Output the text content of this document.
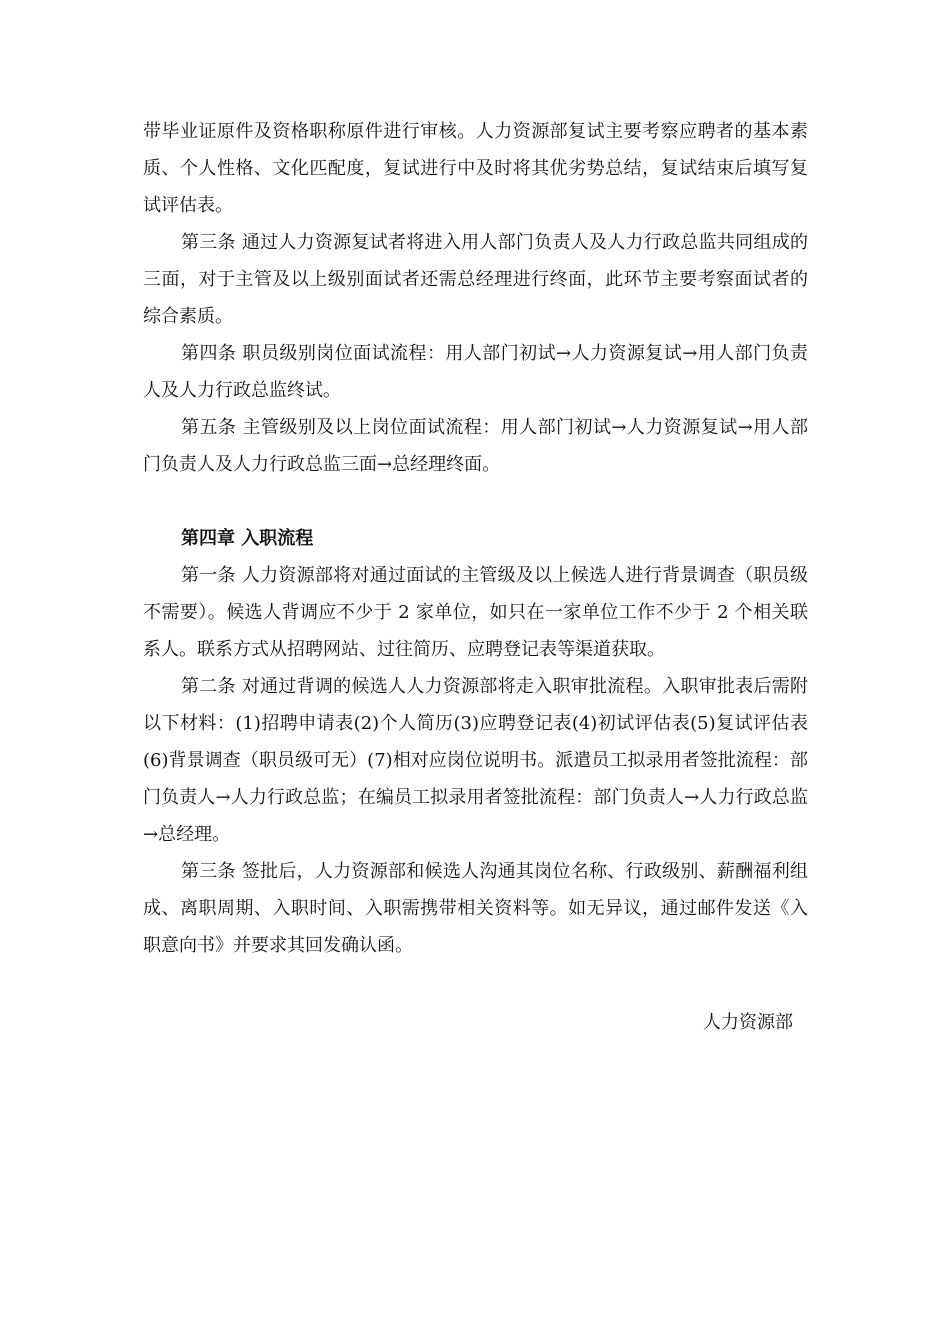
带毕业证原件及资格职称原件进行审核。人力资源部复试主要考察应聘者的基本素质、个人性格、文化匹配度，复试进行中及时将其优劣势总结，复试结束后填写复试评估表。

第三条 通过人力资源复试者将进入用人部门负责人及人力行政总监共同组成的三面，对于主管及以上级别面试者还需总经理进行终面，此环节主要考察面试者的综合素质。

第四条 职员级别岗位面试流程：用人部门初试→人力资源复试→用人部门负责人及人力行政总监终试。

第五条 主管级别及以上岗位面试流程：用人部门初试→人力资源复试→用人部门负责人及人力行政总监三面→总经理终面。

第四章 入职流程

第一条 人力资源部将对通过面试的主管级及以上候选人进行背景调查（职员级不需要）。候选人背调应不少于 2 家单位，如只在一家单位工作不少于 2 个相关联系人。联系方式从招聘网站、过往简历、应聘登记表等渠道获取。

第二条 对通过背调的候选人人力资源部将走入职审批流程。入职审批表后需附以下材料：(1)招聘申请表(2)个人简历(3)应聘登记表(4)初试评估表(5)复试评估表(6)背景调查（职员级可无）(7)相对应岗位说明书。派遣员工拟录用者签批流程：部门负责人→人力行政总监；在编员工拟录用者签批流程：部门负责人→人力行政总监→总经理。

第三条 签批后，人力资源部和候选人沟通其岗位名称、行政级别、薪酬福利组成、离职周期、入职时间、入职需携带相关资料等。如无异议，通过邮件发送《入职意向书》并要求其回发确认函。

人力资源部
